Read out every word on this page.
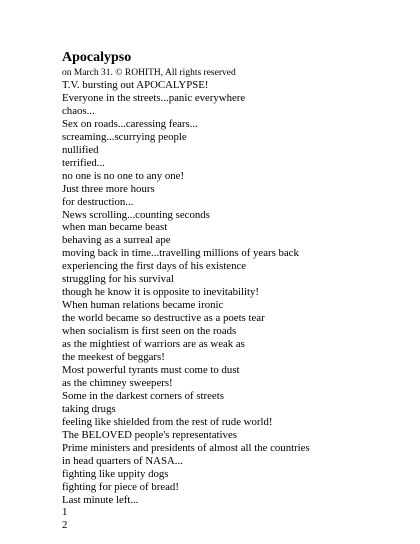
Apocalypso

on March 31. © ROHITH, All rights reserved

T.V. bursting out APOCALYPSE!
Everyone in the streets...panic everywhere
chaos...
Sex on roads...caressing fears...
screaming...scurrying people
nullified
terrified...
no one is no one to any one!
Just three more hours
for destruction...
News scrolling...counting seconds
when man became beast
behaving as a surreal ape
moving back in time...travelling millions of years back
experiencing the first days of his existence
struggling for his survival
though he know it is opposite to inevitability!
When human relations became ironic
the world became so destructive as a poets tear
when socialism is first seen on the roads
as the mightiest of warriors are as weak as
the meekest of beggars!
Most powerful tyrants must come to dust
as the chimney sweepers!
Some in the darkest corners of streets
taking drugs
feeling like shielded from the rest of rude world!
The BELOVED people's representatives
Prime ministers and presidents of almost all the countries
in head quarters of NASA...
fighting like uppity dogs
fighting for piece of bread!
Last minute left...
1
2
